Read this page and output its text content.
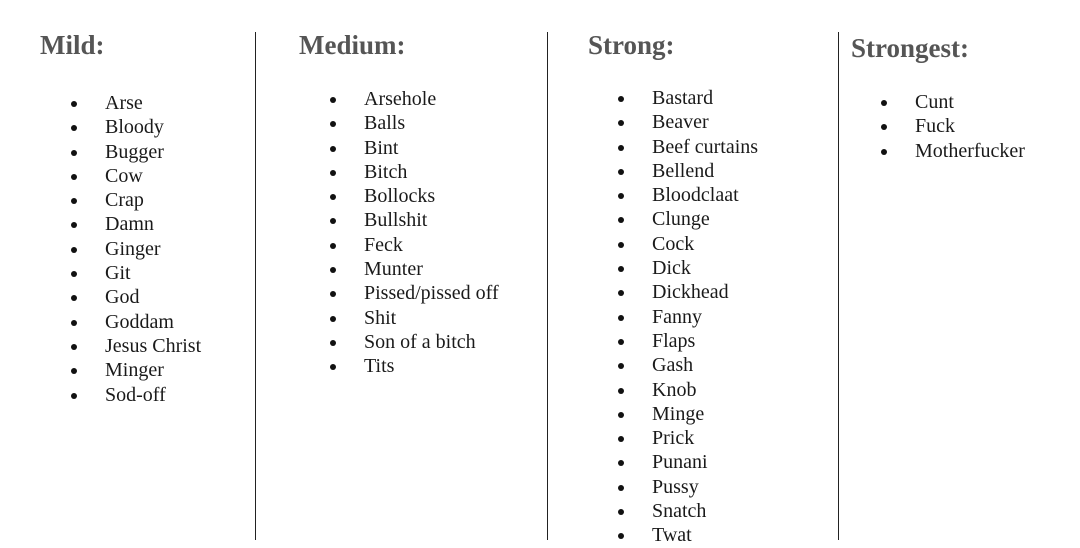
Mild:
Arse
Bloody
Bugger
Cow
Crap
Damn
Ginger
Git
God
Goddam
Jesus Christ
Minger
Sod-off
Medium:
Arsehole
Balls
Bint
Bitch
Bollocks
Bullshit
Feck
Munter
Pissed/pissed off
Shit
Son of a bitch
Tits
Strong:
Bastard
Beaver
Beef curtains
Bellend
Bloodclaat
Clunge
Cock
Dick
Dickhead
Fanny
Flaps
Gash
Knob
Minge
Prick
Punani
Pussy
Snatch
Twat
Strongest:
Cunt
Fuck
Motherfucker
